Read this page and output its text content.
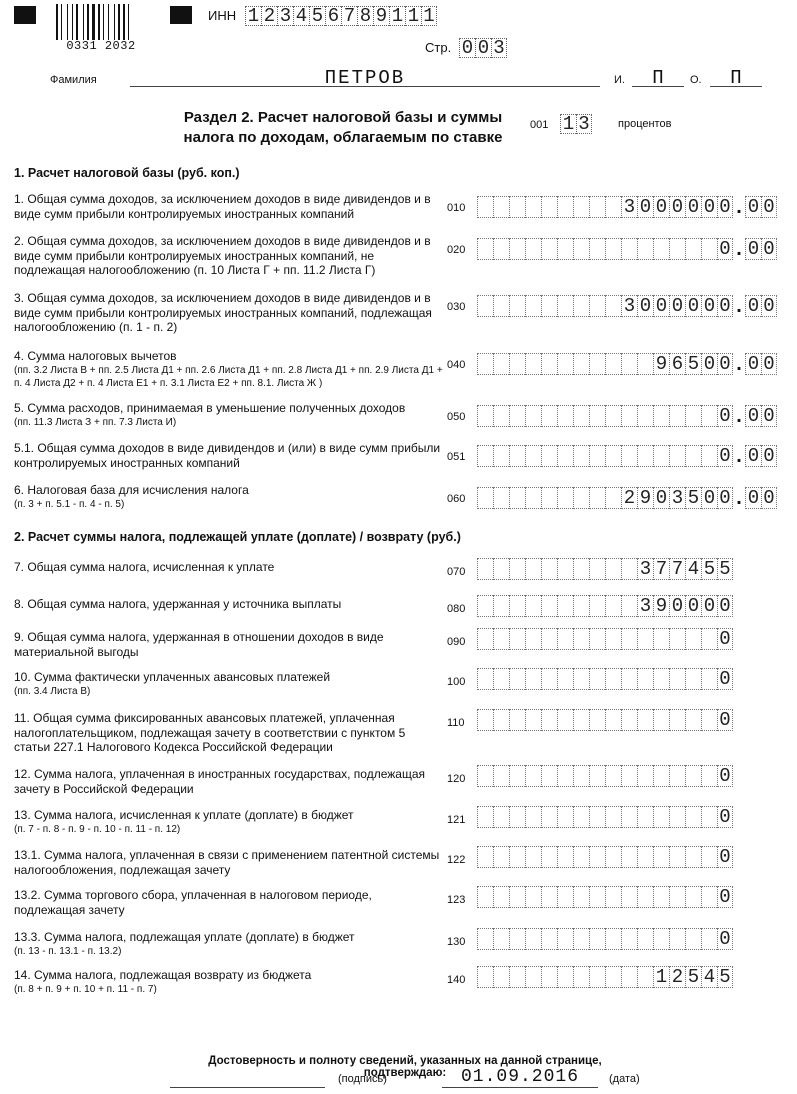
0331 2032
ИНН 1 2 3 4 5 6 7 8 9 1 1 1
Стр. 0 0 3
Фамилия	ПЕТРОВ	И.	П	О.	П
Раздел 2. Расчет налоговой базы и суммы
налога по доходам, облагаемым по ставке
001 1 3	процентов
1. Расчет налоговой базы (руб. коп.)
1. Общая сумма доходов, за исключением доходов в виде дивидендов и в виде сумм прибыли контролируемых иностранных компаний	010	3 0 0 0 0 0 0 . 0 0
2. Общая сумма доходов, за исключением доходов в виде дивидендов и в виде сумм прибыли контролируемых иностранных компаний, не подлежащая налогообложению (п. 10 Листа Г + пп. 11.2 Листа Г)
020	0 . 0 0
3. Общая сумма доходов, за исключением доходов в виде дивидендов и в виде сумм прибыли контролируемых иностранных компаний, подлежащая налогообложению (п. 1 - п. 2)
030	3 0 0 0 0 0 0 . 0 0
4. Сумма налоговых вычетов
(пп. 3.2 Листа В + пп. 2.5 Листа Д1 + пп. 2.6 Листа Д1 + пп. 2.8 Листа Д1 + пп. 2.9 Листа Д1 + п. 4 Листа Д2 + п. 4 Листа Е1 + п. 3.1 Листа Е2 + пп. 8.1. Листа Ж )
040	9 6 5 0 0 . 0 0
5. Сумма расходов, принимаемая в уменьшение полученных доходов
(пп. 11.3 Листа З + пп. 7.3 Листа И)	050	0 . 0 0
5.1. Общая сумма доходов в виде дивидендов и (или) в виде сумм прибыли контролируемых иностранных компаний	051	0 . 0 0
6. Налоговая база для исчисления налога
(п. 3 + п. 5.1 - п. 4 - п. 5)	060	2 9 0 3 5 0 0 . 0 0
2. Расчет суммы налога, подлежащей уплате (доплате) / возврату (руб.)
7. Общая сумма налога, исчисленная к уплате	070	3 7 7 4 5 5
8. Общая сумма налога, удержанная у источника выплаты	080	3 9 0 0 0 0
9. Общая сумма налога, удержанная в отношении доходов в виде материальной выгоды
090	0
10. Сумма фактически уплаченных авансовых платежей
(пп. 3.4 Листа В)
100	0
11. Общая сумма фиксированных авансовых платежей, уплаченная налогоплательщиком, подлежащая зачету в соответствии с пунктом 5 статьи 227.1 Налогового Кодекса Российской Федерации
110	0
12. Сумма налога, уплаченная в иностранных государствах, подлежащая зачету в Российской Федерации
120	0
13. Сумма налога, исчисленная к уплате (доплате) в бюджет
(п. 7 - п. 8 - п. 9 - п. 10 - п. 11 - п. 12)
121	0
13.1. Сумма налога, уплаченная в связи с применением патентной системы налогообложения, подлежащая зачету
122	0
13.2. Сумма торгового сбора, уплаченная в налоговом периоде, подлежащая зачету
123	0
13.3. Сумма налога, подлежащая уплате (доплате) в бюджет
(п. 13 - п. 13.1 - п. 13.2)
130	0
14. Сумма налога, подлежащая возврату из бюджета
(п. 8 + п. 9 + п. 10 + п. 11 - п. 7)
140	1 2 5 4 5
Достоверность и полноту сведений, указанных на данной странице, подтверждаю:
(подпись)	01.09.2016	(дата)
